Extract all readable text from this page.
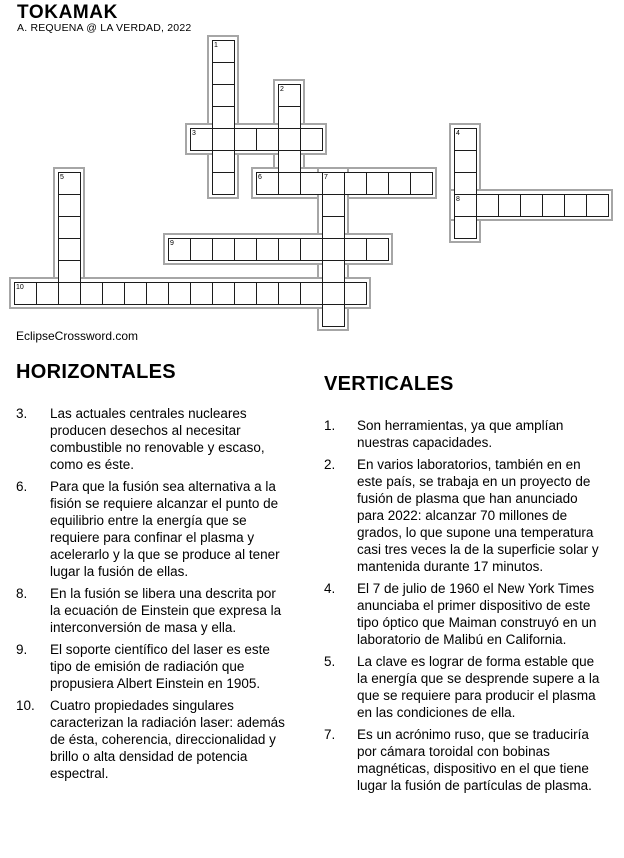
TOKAMAK
A. REQUENA @ LA VERDAD, 2022
1
2
3	4
5	6	7
8
9
10
EclipseCrossword.com
HORIZONTALES
3. Las actuales centrales nucleares producen desechos al necesitar combustible no renovable y escaso, como es éste.
6. Para que la fusión sea alternativa a la fisión se requiere alcanzar el punto de equilibrio entre la energía que se requiere para confinar el plasma y acelerarlo y la que se produce al tener lugar la fusión de ellas.
8. En la fusión se libera una descrita por la ecuación de Einstein que expresa la interconversión de masa y ella.
9. El soporte científico del laser es este tipo de emisión de radiación que propusiera Albert Einstein en 1905.
10. Cuatro propiedades singulares caracterizan la radiación laser: además de ésta, coherencia, direccionalidad y brillo o alta densidad de potencia espectral.
VERTICALES
1. Son herramientas, ya que amplían nuestras capacidades.
2. En varios laboratorios, también en en este país, se trabaja en un proyecto de fusión de plasma que han anunciado para 2022: alcanzar 70 millones de grados, lo que supone una temperatura casi tres veces la de la superficie solar y mantenida durante 17 minutos.
4. El 7 de julio de 1960 el New York Times anunciaba el primer dispositivo de este tipo óptico que Maiman construyó en un laboratorio de Malibú en California.
5. La clave es lograr de forma estable que la energía que se desprende supere a la que se requiere para producir el plasma en las condiciones de ella.
7. Es un acrónimo ruso, que se traduciría por cámara toroidal con bobinas magnéticas, dispositivo en el que tiene lugar la fusión de partículas de plasma.
